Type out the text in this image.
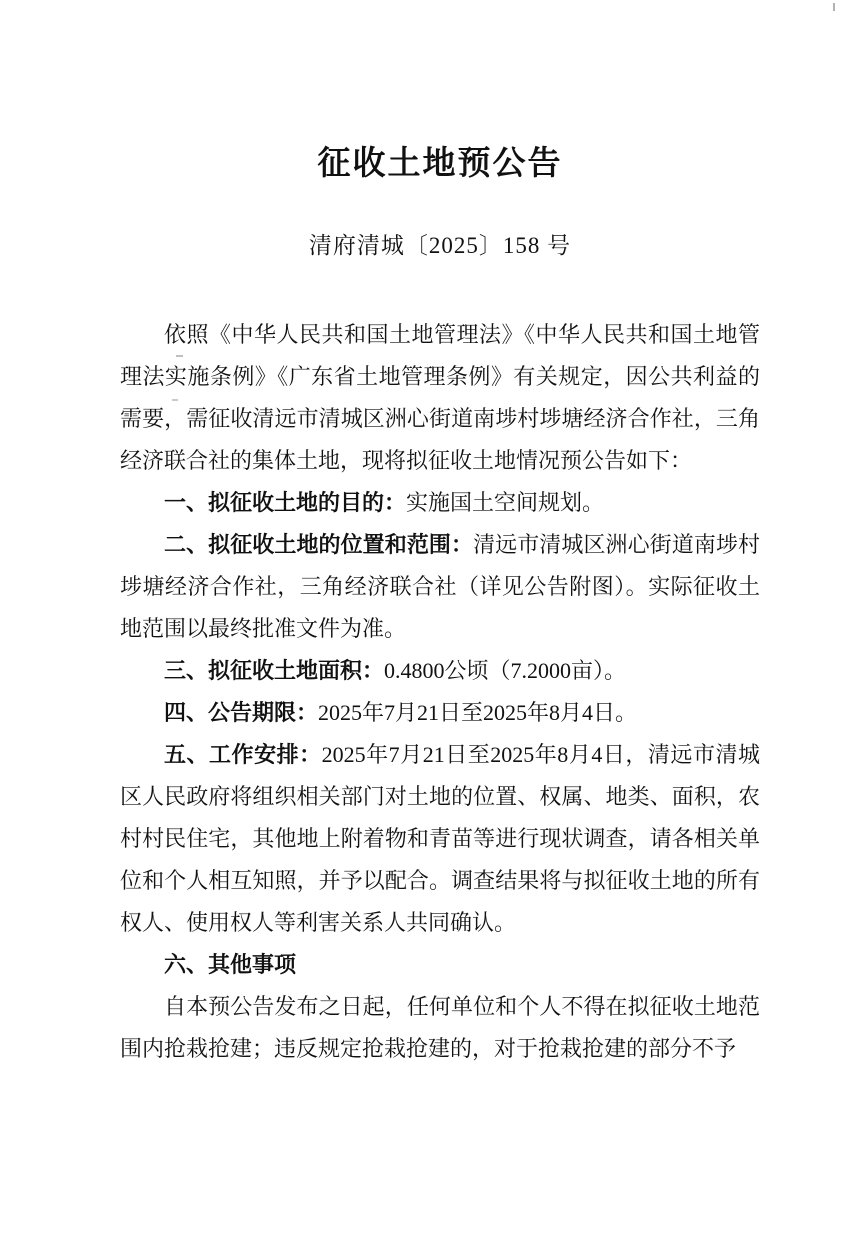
征收土地预公告
清府清城〔2025〕158 号

依照《中华人民共和国土地管理法》《中华人民共和国土地管理法实施条例》《广东省土地管理条例》有关规定，因公共利益的需要，需征收清远市清城区洲心街道南埗村埗塘经济合作社，三角经济联合社的集体土地，现将拟征收土地情况预公告如下：

一、拟征收土地的目的：实施国土空间规划。

二、拟征收土地的位置和范围：清远市清城区洲心街道南埗村埗塘经济合作社，三角经济联合社（详见公告附图）。实际征收土地范围以最终批准文件为准。

三、拟征收土地面积：0.4800公顷（7.2000亩）。

四、公告期限：2025年7月21日至2025年8月4日。

五、工作安排：2025年7月21日至2025年8月4日，清远市清城区人民政府将组织相关部门对土地的位置、权属、地类、面积，农村村民住宅，其他地上附着物和青苗等进行现状调查，请各相关单位和个人相互知照，并予以配合。调查结果将与拟征收土地的所有权人、使用权人等利害关系人共同确认。

六、其他事项

自本预公告发布之日起，任何单位和个人不得在拟征收土地范围内抢栽抢建；违反规定抢栽抢建的，对于抢栽抢建的部分不予
